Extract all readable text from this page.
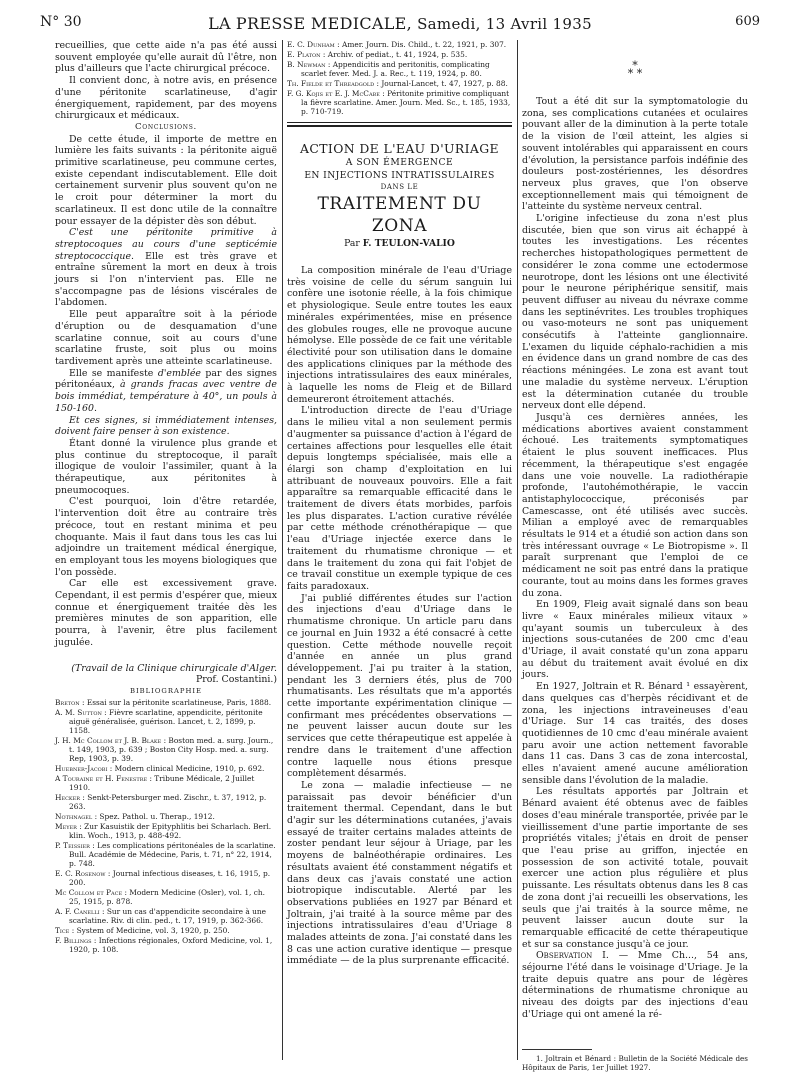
N° 30	LA PRESSE MEDICALE, Samedi, 13 Avril 1935	609

recueillies, que cette aide n'a pas été aussi souvent employée qu'elle aurait dû l'être, non plus d'ailleurs que l'acte chirurgical précoce.

Il convient donc, à notre avis, en présence d'une péritonite scarlatineuse, d'agir énergiquement, rapidement, par des moyens chirurgicaux et médicaux.

Conclusions.

De cette étude, il importe de mettre en lumière les faits suivants : la péritonite aiguë primitive scarlatineuse, peu commune certes, existe cependant indiscutablement. Elle doit certainement survenir plus souvent qu'on ne le croit pour déterminer la mort du scarlatineux. Il est donc utile de la connaître pour essayer de la dépister dès son début.

C'est une péritonite primitive à streptocoques au cours d'une septicémie streptococcique. Elle est très grave et entraîne sûrement la mort en deux à trois jours si l'on n'intervient pas. Elle ne s'accompagne pas de lésions viscérales de l'abdomen.

Elle peut apparaître soit à la période d'éruption ou de desquamation d'une scarlatine connue, soit au cours d'une scarlatine fruste, soit plus ou moins tardivement après une atteinte scarlatineuse.

Elle se manifeste d'emblée par des signes péritonéaux, à grands fracas avec ventre de bois immédiat, température à 40°, un pouls à 150-160.

Et ces signes, si immédiatement intenses, doivent faire penser à son existence.

Étant donné la virulence plus grande et plus continue du streptocoque, il paraît illogique de vouloir l'assimiler, quant à la thérapeutique, aux péritonites à pneumocoques.

C'est pourquoi, loin d'être retardée, l'intervention doit être au contraire très précoce, tout en restant minima et peu choquante. Mais il faut dans tous les cas lui adjoindre un traitement médical énergique, en employant tous les moyens biologiques que l'on possède.

Car elle est excessivement grave. Cependant, il est permis d'espérer que, mieux connue et énergiquement traitée dès les premières minutes de son apparition, elle pourra, à l'avenir, être plus facilement jugulée.

(Travail de la Clinique chirurgicale d'Alger.

Prof. Costantini.)

BIBLIOGRAPHIE

Breton : Essai sur la péritonite scarlatineuse, Paris, 1888.

A. M. Sutton : Fièvre scarlatine, appendicite, péritonite aiguë généralisée, guérison. Lancet, t. 2, 1899, p. 1158.

J. H. Mc Collom et J. B. Blake : Boston med. a. surg. Journ., t. 149, 1903, p. 639 ; Boston City Hosp. med. a. surg. Rep, 1903, p. 39.

Huebner-Jacobi : Modern clinical Medicine, 1910, p. 692.

A Touraine et H. Fenestre : Tribune Médicale, 2 Juillet 1910.

Hecker : Senkt-Petersburger med. Zischr., t. 37, 1912, p. 263.

Nothnagel : Spez. Pathol. u. Therap., 1912.

Meyer : Zur Kasuistik der Epityphlitis bei Scharlach. Berl. klin. Woch., 1913, p. 488-492.

P. Teissier : Les complications péritonéales de la scarlatine. Bull. Académie de Médecine, Paris, t. 71, n° 22, 1914, p. 748.

E. C. Rosenow : Journal infectious diseases, t. 16, 1915, p. 200.

Mc Collom et Pace : Modern Medicine (Osler), vol. 1, ch. 25, 1915, p. 878.

A. F. Canelli : Sur un cas d'appendicite secondaire à une scarlatine. Riv. di clin. ped., t. 17, 1919, p. 362-366.

Tice : System of Medicine, vol. 3, 1920, p. 250.

F. Billings : Infections régionales, Oxford Medicine, vol. 1, 1920, p. 108.

E. C. Dunham : Amer. Journ. Dis. Child., t. 22, 1921, p. 307.

E. Platon : Archiv. of pediat., t. 41, 1924, p. 535.

B. Newman : Appendicitis and peritonitis, complicating scarlet fever. Med. J. a. Rec., t. 119, 1924, p. 80.

Th. Fielde et Threadgold : Journal-Lancet, t. 47, 1927, p. 88.

F. G. Kojis et E. J. McCabe : Péritonite primitive compliquant la fièvre scarlatine. Amer. Journ. Med. Sc., t. 185, 1933, p. 710-719.

ACTION DE L'EAU D'URIAGE

A SON ÉMERGENCE

EN INJECTIONS INTRATISSULAIRES

DANS LE

TRAITEMENT DU ZONA

Par F. TEULON-VALIO

La composition minérale de l'eau d'Uriage très voisine de celle du sérum sanguin lui confère une isotonie réelle, à la fois chimique et physiologique. Seule entre toutes les eaux minérales expérimentées, mise en présence des globules rouges, elle ne provoque aucune hémolyse. Elle possède de ce fait une véritable électivité pour son utilisation dans le domaine des applications cliniques par la méthode des injections intratissulaires des eaux minérales, à laquelle les noms de Fleig et de Billard demeureront étroitement attachés.

L'introduction directe de l'eau d'Uriage dans le milieu vital a non seulement permis d'augmenter sa puissance d'action à l'égard de certaines affections pour lesquelles elle était depuis longtemps spécialisée, mais elle a élargi son champ d'exploitation en lui attribuant de nouveaux pouvoirs. Elle a fait apparaître sa remarquable efficacité dans le traitement de divers états morbides, parfois les plus disparates. L'action curative révélée par cette méthode crénothérapique — que l'eau d'Uriage injectée exerce dans le traitement du rhumatisme chronique — et dans le traitement du zona qui fait l'objet de ce travail constitue un exemple typique de ces faits paradoxaux.

J'ai publié différentes études sur l'action des injections d'eau d'Uriage dans le rhumatisme chronique. Un article paru dans ce journal en Juin 1932 a été consacré à cette question. Cette méthode nouvelle reçoit d'année en année un plus grand développement. J'ai pu traiter à la station, pendant les 3 derniers étés, plus de 700 rhumatisants. Les résultats que m'a apportés cette importante expérimentation clinique — confirmant mes précédentes observations — ne peuvent laisser aucun doute sur les services que cette thérapeutique est appelée à rendre dans le traitement d'une affection contre laquelle nous étions presque complètement désarmés.

Le zona — maladie infectieuse — ne paraissait pas devoir bénéficier d'un traitement thermal. Cependant, dans le but d'agir sur les déterminations cutanées, j'avais essayé de traiter certains malades atteints de zoster pendant leur séjour à Uriage, par les moyens de balnéothérapie ordinaires. Les résultats avaient été constamment négatifs et dans deux cas j'avais constaté une action biotropique indiscutable. Alerté par les observations publiées en 1927 par Bénard et Joltrain, j'ai traité à la source même par des injections intratissulaires d'eau d'Uriage 8 malades atteints de zona. J'ai constaté dans les 8 cas une action curative identique — presque immédiate — de la plus surprenante efficacité.

*
* *

Tout a été dit sur la symptomatologie du zona, ses complications cutanées et oculaires pouvant aller de la diminution à la perte totale de la vision de l'œil atteint, les algies si souvent intolérables qui apparaissent en cours d'évolution, la persistance parfois indéfinie des douleurs post-zostériennes, les désordres nerveux plus graves, que l'on observe exceptionnellement mais qui témoignent de l'atteinte du système nerveux central.

L'origine infectieuse du zona n'est plus discutée, bien que son virus ait échappé à toutes les investigations. Les récentes recherches histopathologiques permettent de considérer le zona comme une ectodermose neurotrope, dont les lésions ont une électivité pour le neurone périphérique sensitif, mais peuvent diffuser au niveau du névraxe comme dans les septinévrites. Les troubles trophiques ou vaso-moteurs ne sont pas uniquement consécutifs à l'atteinte ganglionnaire. L'examen du liquide céphalo-rachidien a mis en évidence dans un grand nombre de cas des réactions méningées. Le zona est avant tout une maladie du système nerveux. L'éruption est la détermination cutanée du trouble nerveux dont elle dépend.

Jusqu'à ces dernières années, les médications abortives avaient constamment échoué. Les traitements symptomatiques étaient le plus souvent inefficaces. Plus récemment, la thérapeutique s'est engagée dans une voie nouvelle. La radiothérapie profonde, l'autohémothérapie, le vaccin antistaphylococcique, préconisés par Camescasse, ont été utilisés avec succès. Milian a employé avec de remarquables résultats le 914 et a étudié son action dans son très intéressant ouvrage « Le Biotropisme ». Il paraît surprenant que l'emploi de ce médicament ne soit pas entré dans la pratique courante, tout au moins dans les formes graves du zona.

En 1909, Fleig avait signalé dans son beau livre « Eaux minérales milieux vitaux » qu'ayant soumis un tuberculeux à des injections sous-cutanées de 200 cmc d'eau d'Uriage, il avait constaté qu'un zona apparu au début du traitement avait évolué en dix jours.

En 1927, Joltrain et R. Bénard ¹ essayèrent, dans quelques cas d'herpès récidivant et de zona, les injections intraveineuses d'eau d'Uriage. Sur 14 cas traités, des doses quotidiennes de 10 cmc d'eau minérale avaient paru avoir une action nettement favorable dans 11 cas. Dans 3 cas de zona intercostal, elles n'avaient amené aucune amélioration sensible dans l'évolution de la maladie.

Les résultats apportés par Joltrain et Bénard avaient été obtenus avec de faibles doses d'eau minérale transportée, privée par le vieillissement d'une partie importante de ses propriétés vitales; j'étais en droit de penser que l'eau prise au griffon, injectée en possession de son activité totale, pouvait exercer une action plus régulière et plus puissante. Les résultats obtenus dans les 8 cas de zona dont j'ai recueilli les observations, les seuls que j'ai traités à la source même, ne peuvent laisser aucun doute sur la remarquable efficacité de cette thérapeutique et sur sa constance jusqu'à ce jour.

Observation I. — Mme Ch..., 54 ans, séjourne l'été dans le voisinage d'Uriage. Je la traite depuis quatre ans pour de légères déterminations de rhumatisme chronique au niveau des doigts par des injections d'eau d'Uriage qui ont amené la ré-

1. Joltrain et Bénard : Bulletin de la Société Médicale des Hôpitaux de Paris, 1er Juillet 1927.
